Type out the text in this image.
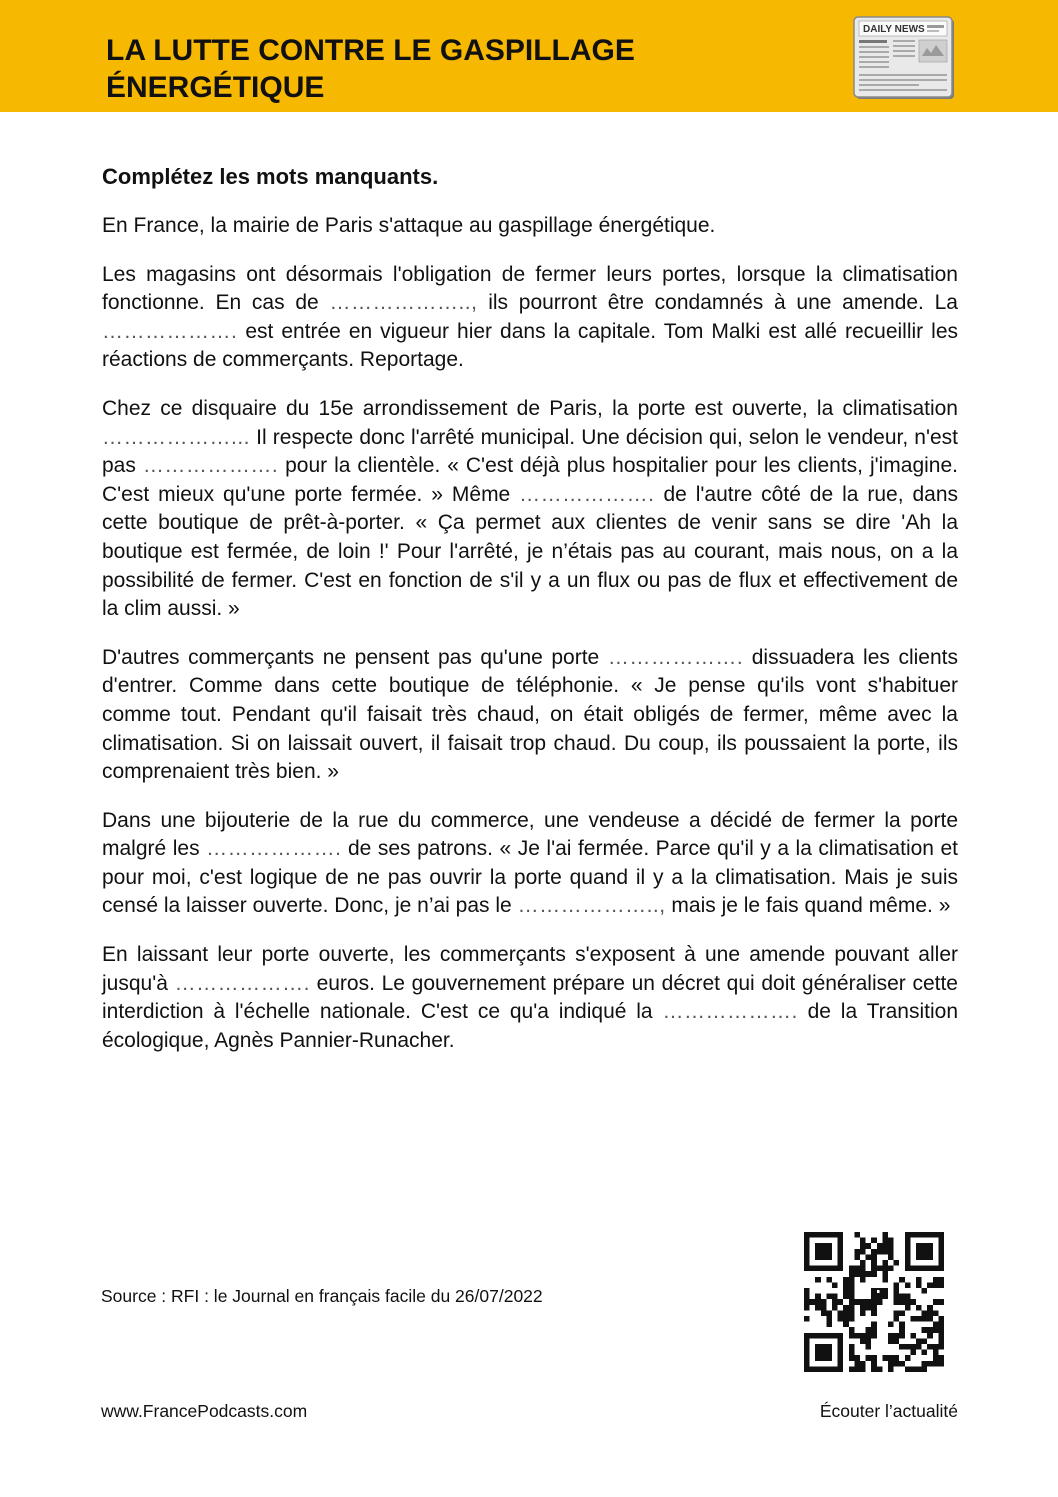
LA LUTTE CONTRE LE GASPILLAGE
ÉNERGÉTIQUE
DAILY NEWS
Complétez les mots manquants.

En France, la mairie de Paris s'attaque au gaspillage énergétique.

Les magasins ont désormais l'obligation de fermer leurs portes, lorsque la climatisation fonctionne. En cas de ……………….., ils pourront être condamnés à une amende. La ………………. est entrée en vigueur hier dans la capitale. Tom Malki est allé recueillir les réactions de commerçants. Reportage.

Chez ce disquaire du 15e arrondissement de Paris, la porte est ouverte, la climatisation ………………... Il respecte donc l'arrêté municipal. Une décision qui, selon le vendeur, n'est pas ………………. pour la clientèle. « C'est déjà plus hospitalier pour les clients, j'imagine. C'est mieux qu'une porte fermée. » Même ………………. de l'autre côté de la rue, dans cette boutique de prêt-à-porter. « Ça permet aux clientes de venir sans se dire 'Ah la boutique est fermée, de loin !' Pour l'arrêté, je n’étais pas au courant, mais nous, on a la possibilité de fermer. C'est en fonction de s'il y a un flux ou pas de flux et effectivement de la clim aussi. »

D'autres commerçants ne pensent pas qu'une porte ………………. dissuadera les clients d'entrer. Comme dans cette boutique de téléphonie. « Je pense qu'ils vont s'habituer comme tout. Pendant qu'il faisait très chaud, on était obligés de fermer, même avec la climatisation. Si on laissait ouvert, il faisait trop chaud. Du coup, ils poussaient la porte, ils comprenaient très bien. »

Dans une bijouterie de la rue du commerce, une vendeuse a décidé de fermer la porte malgré les ………………. de ses patrons. « Je l'ai fermée. Parce qu'il y a la climatisation et pour moi, c'est logique de ne pas ouvrir la porte quand il y a la climatisation. Mais je suis censé la laisser ouverte. Donc, je n’ai pas le ……………….., mais je le fais quand même. »

En laissant leur porte ouverte, les commerçants s'exposent à une amende pouvant aller jusqu'à ………………. euros. Le gouvernement prépare un décret qui doit généraliser cette interdiction à l'échelle nationale. C'est ce qu'a indiqué la ………………. de la Transition écologique, Agnès Pannier-Runacher.

Source : RFI : le Journal en français facile du 26/07/2022
www.FrancePodcasts.com	Écouter l’actualité
